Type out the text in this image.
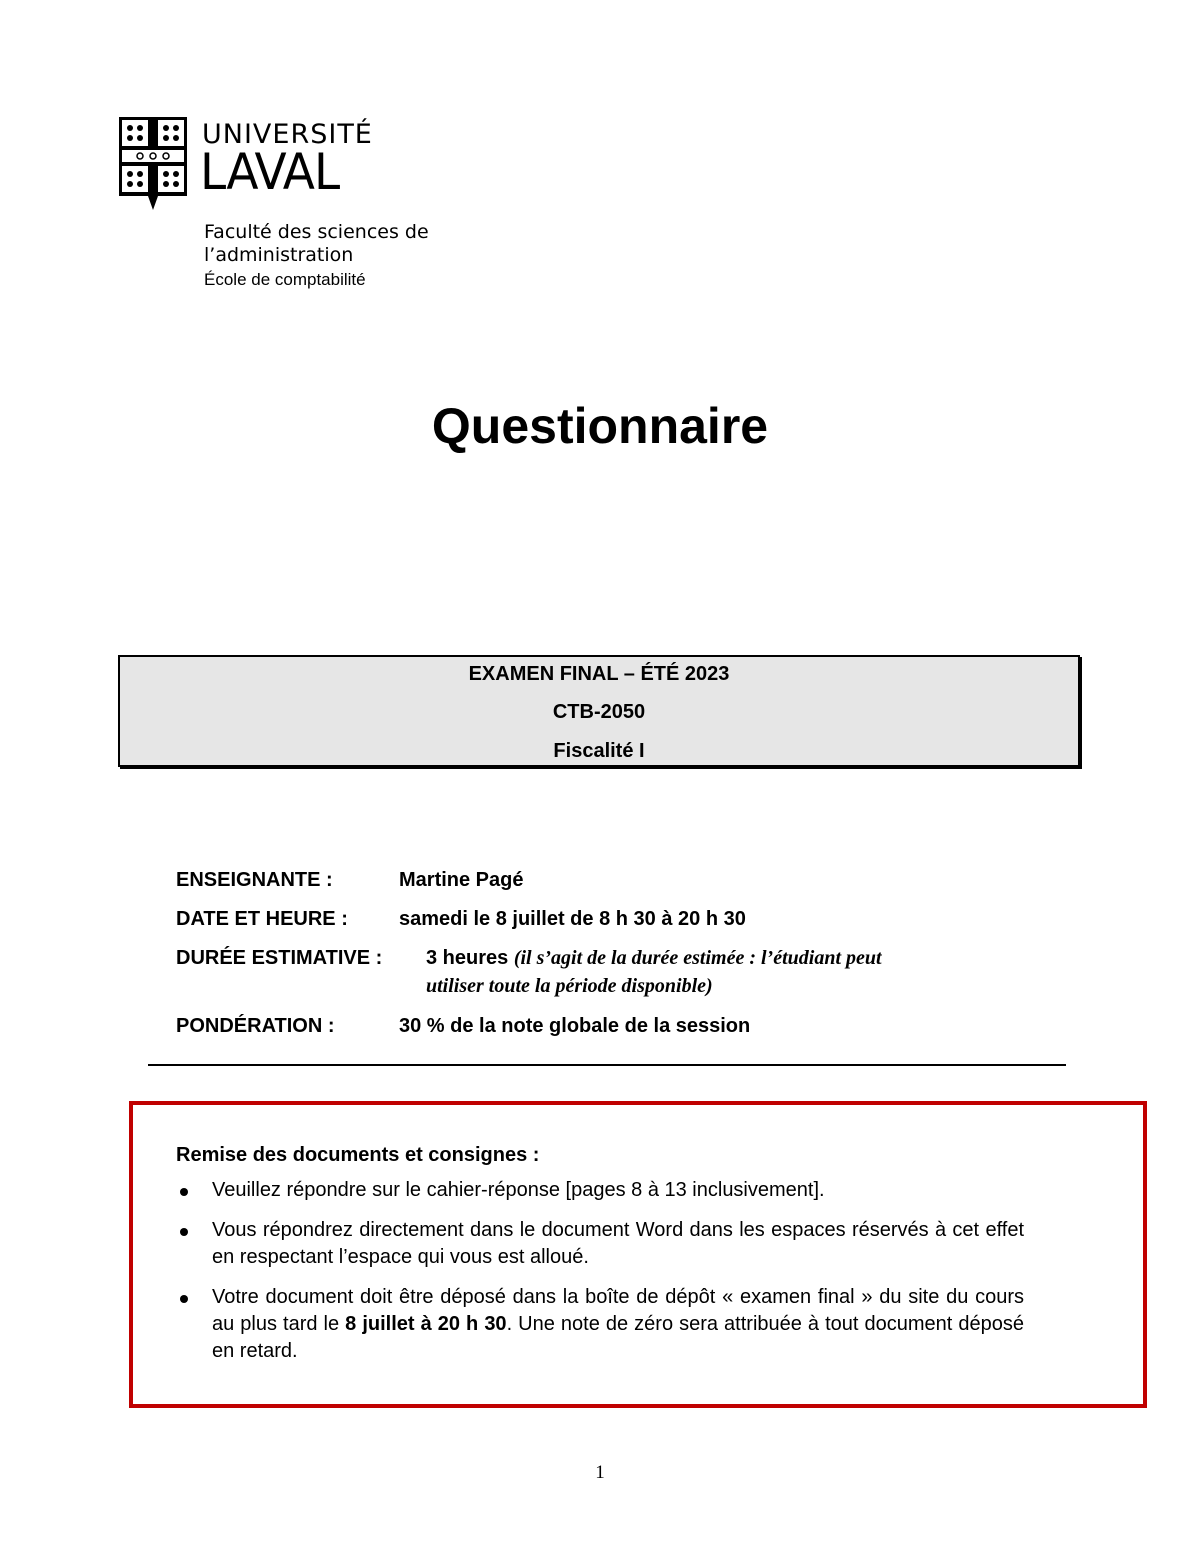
UNIVERSITÉ
LAVAL
Faculté des sciences de l’administration
École de comptabilité
Questionnaire
EXAMEN FINAL – ÉTÉ 2023
CTB-2050
Fiscalité I
ENSEIGNANTE :	Martine Pagé
DATE ET HEURE :	samedi le 8 juillet de 8 h 30 à 20 h 30
DURÉE ESTIMATIVE : 3 heures (il s’agit de la durée estimée : l’étudiant peut
utiliser toute la période disponible)
PONDÉRATION :	30 % de la note globale de la session
Remise des documents et consignes :
Veuillez répondre sur le cahier-réponse [pages 8 à 13 inclusivement].
Vous répondrez directement dans le document Word dans les espaces réservés à cet effet en respectant l’espace qui vous est alloué.
Votre document doit être déposé dans la boîte de dépôt « examen final » du site du cours au plus tard le 8 juillet à 20 h 30. Une note de zéro sera attribuée à tout document déposé en retard.
1
